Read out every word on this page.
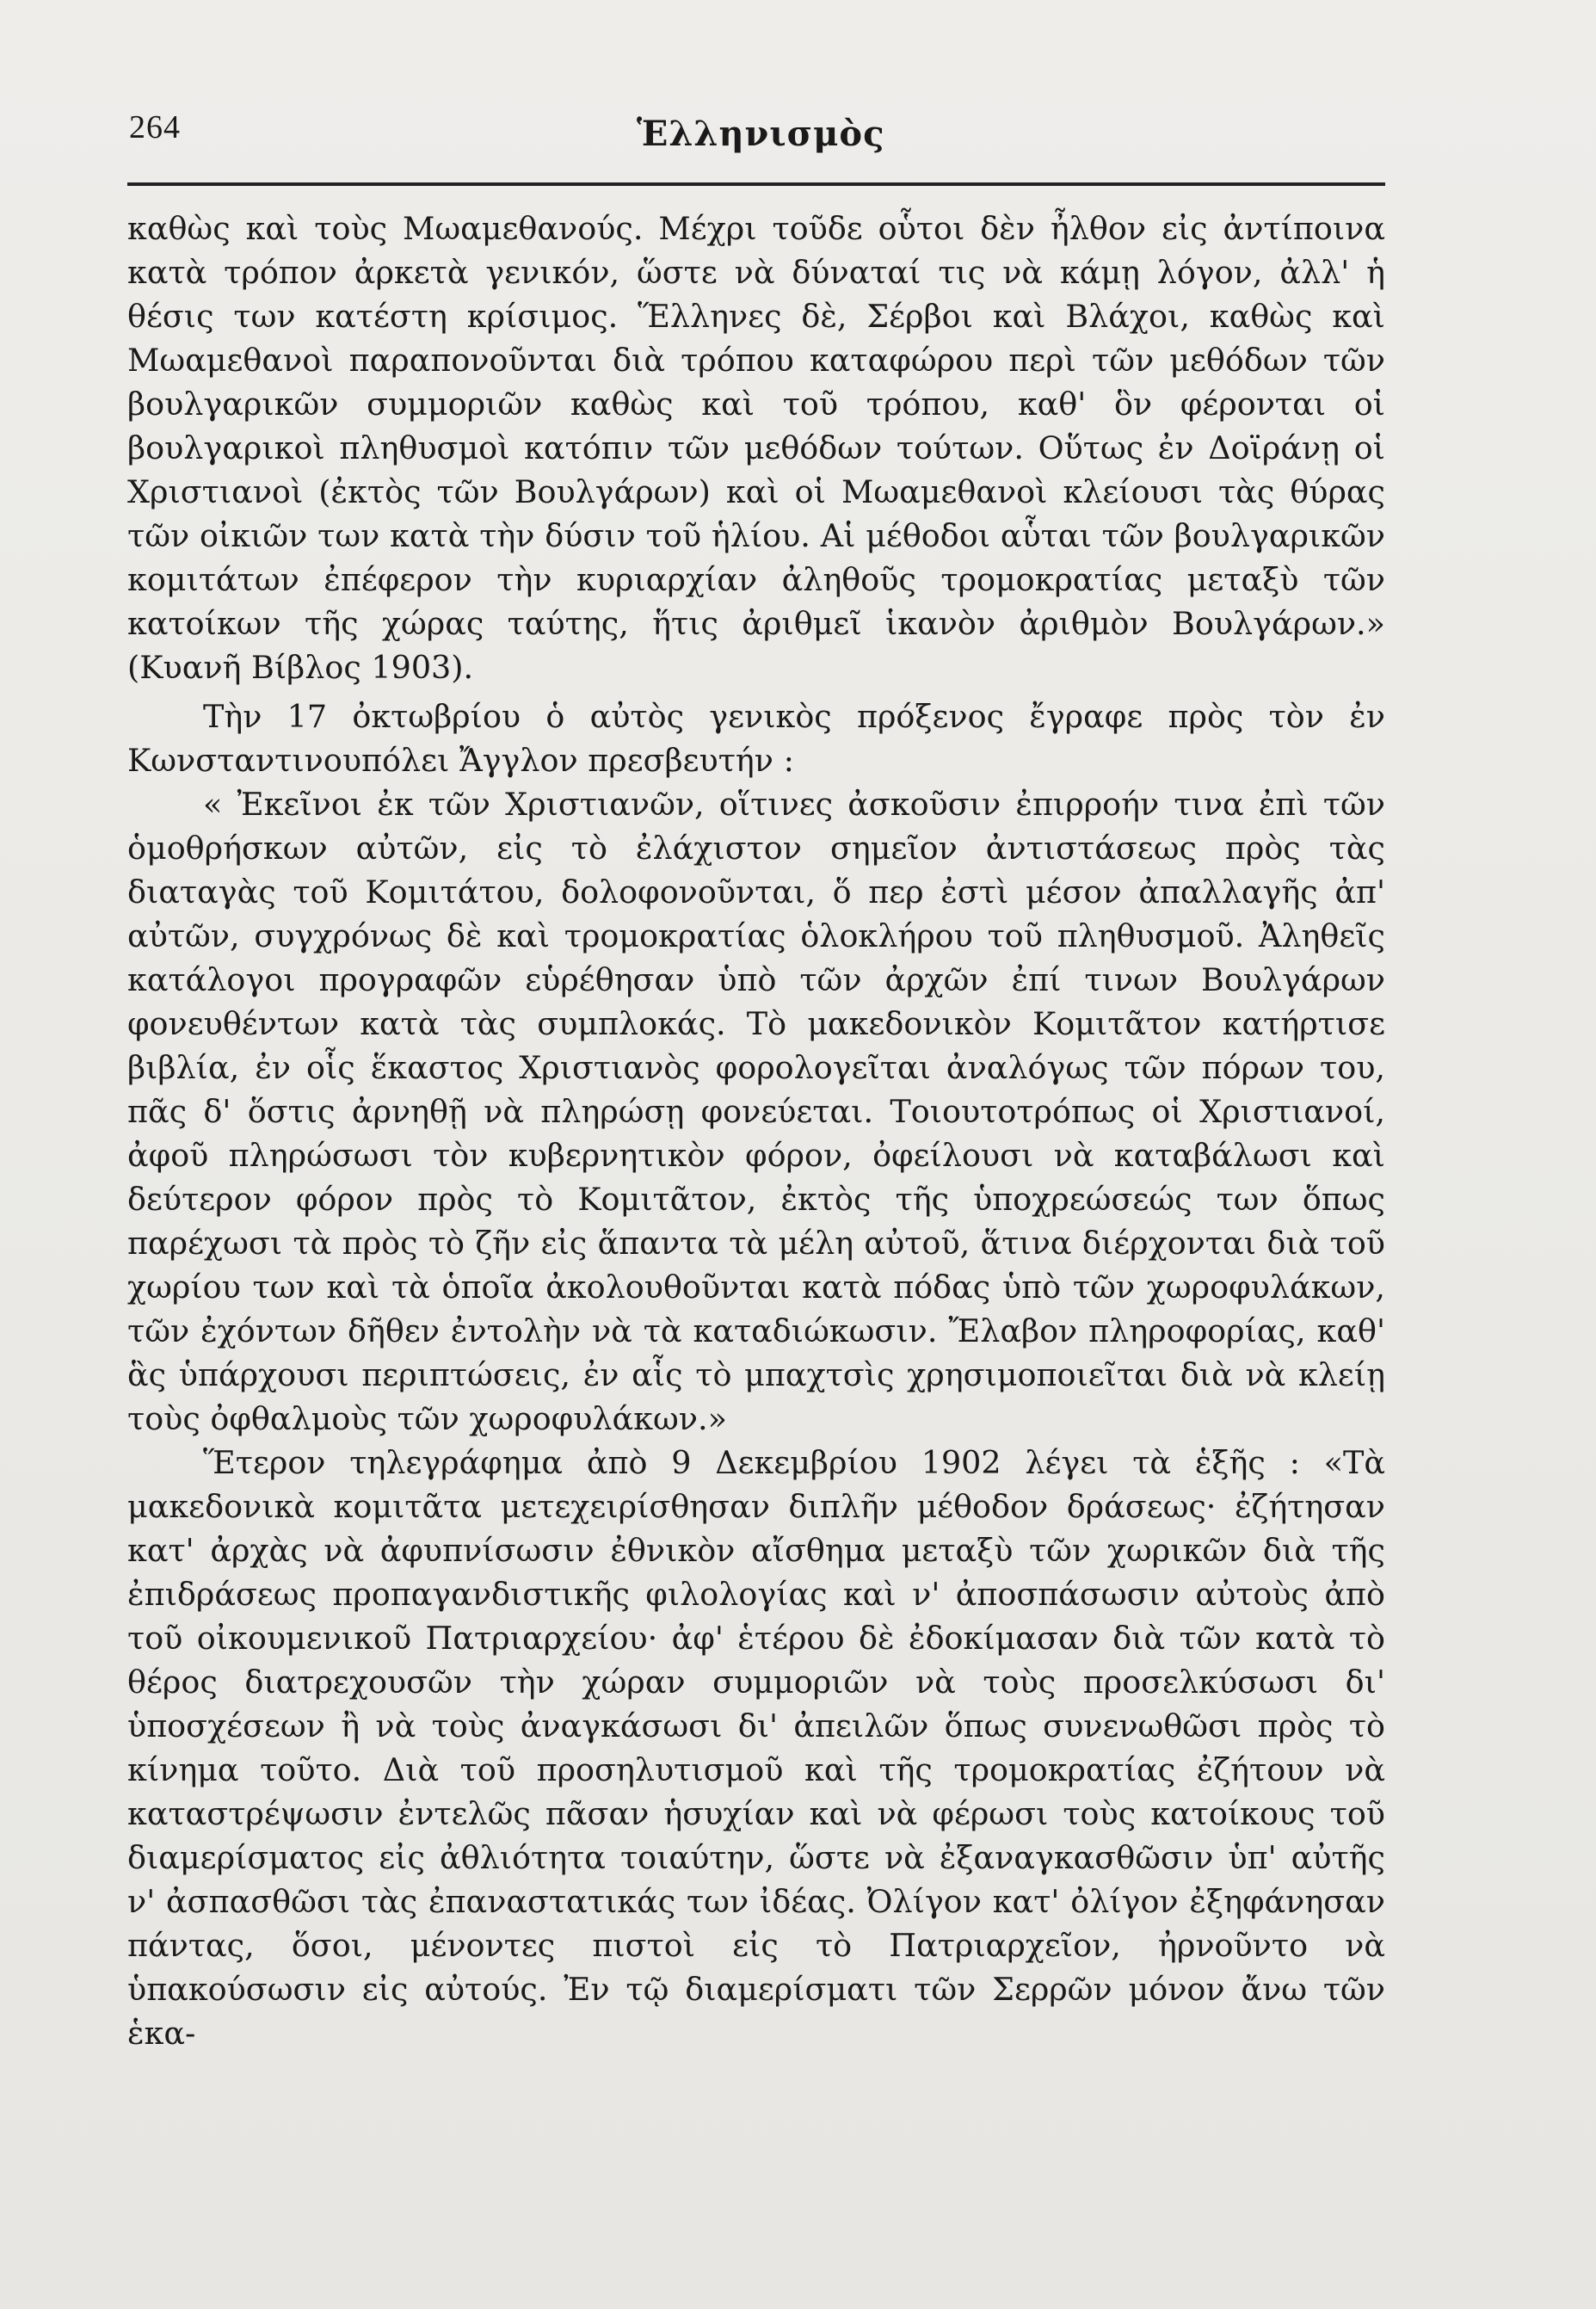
264	Ἑλληνισμὸς

καθὼς καὶ τοὺς Μωαμεθανούς. Μέχρι τοῦδε οὗτοι δὲν ἦλθον εἰς ἀντίποινα κατὰ τρόπον ἀρκετὰ γενικόν, ὥστε νὰ δύναταί τις νὰ κάμῃ λόγον, ἀλλ' ἡ θέσις των κατέστη κρίσιμος. Ἕλληνες δὲ, Σέρβοι καὶ Βλάχοι, καθὼς καὶ Μωαμεθανοὶ παραπονοῦνται διὰ τρόπου καταφώρου περὶ τῶν μεθόδων τῶν βουλγαρικῶν συμμοριῶν καθὼς καὶ τοῦ τρόπου, καθ' ὃν φέρονται οἱ βουλγαρικοὶ πληθυσμοὶ κατόπιν τῶν μεθόδων τούτων. Οὕτως ἐν Δοϊράνῃ οἱ Χριστιανοὶ (ἐκτὸς τῶν Βουλγάρων) καὶ οἱ Μωαμεθανοὶ κλείουσι τὰς θύρας τῶν οἰκιῶν των κατὰ τὴν δύσιν τοῦ ἡλίου. Αἱ μέθοδοι αὗται τῶν βουλγαρικῶν κομιτάτων ἐπέφερον τὴν κυριαρχίαν ἀληθοῦς τρομοκρατίας μεταξὺ τῶν κατοίκων τῆς χώρας ταύτης, ἥτις ἀριθμεῖ ἱκανὸν ἀριθμὸν Βουλγάρων.» (Κυανῆ Βίβλος 1903).

Τὴν 17 ὀκτωβρίου ὁ αὐτὸς γενικὸς πρόξενος ἔγραφε πρὸς τὸν ἐν Κωνσταντινουπόλει Ἄγγλον πρεσβευτήν :

« Ἐκεῖνοι ἐκ τῶν Χριστιανῶν, οἵτινες ἀσκοῦσιν ἐπιρροήν τινα ἐπὶ τῶν ὁμοθρήσκων αὐτῶν, εἰς τὸ ἐλάχιστον σημεῖον ἀντιστάσεως πρὸς τὰς διαταγὰς τοῦ Κομιτάτου, δολοφονοῦνται, ὅ περ ἐστὶ μέσον ἀπαλλαγῆς ἀπ' αὐτῶν, συγχρόνως δὲ καὶ τρομοκρατίας ὁλοκλήρου τοῦ πληθυσμοῦ. Ἀληθεῖς κατάλογοι προγραφῶν εὑρέθησαν ὑπὸ τῶν ἀρχῶν ἐπί τινων Βουλγάρων φονευθέντων κατὰ τὰς συμπλοκάς. Τὸ μακεδονικὸν Κομιτᾶτον κατήρτισε βιβλία, ἐν οἷς ἕκαστος Χριστιανὸς φορολογεῖται ἀναλόγως τῶν πόρων του, πᾶς δ' ὅστις ἀρνηθῇ νὰ πληρώσῃ φονεύεται. Τοιουτοτρόπως οἱ Χριστιανοί, ἀφοῦ πληρώσωσι τὸν κυβερνητικὸν φόρον, ὀφείλουσι νὰ καταβάλωσι καὶ δεύτερον φόρον πρὸς τὸ Κομιτᾶτον, ἐκτὸς τῆς ὑποχρεώσεώς των ὅπως παρέχωσι τὰ πρὸς τὸ ζῆν εἰς ἅπαντα τὰ μέλη αὐτοῦ, ἅτινα διέρχονται διὰ τοῦ χωρίου των καὶ τὰ ὁποῖα ἀκολουθοῦνται κατὰ πόδας ὑπὸ τῶν χωροφυλάκων, τῶν ἐχόντων δῆθεν ἐντολὴν νὰ τὰ καταδιώκωσιν. Ἔλαβον πληροφορίας, καθ' ἃς ὑπάρχουσι περιπτώσεις, ἐν αἷς τὸ μπαχτσὶς χρησιμοποιεῖται διὰ νὰ κλείῃ τοὺς ὀφθαλμοὺς τῶν χωροφυλάκων.»

Ἕτερον τηλεγράφημα ἀπὸ 9 Δεκεμβρίου 1902 λέγει τὰ ἑξῆς : «Τὰ μακεδονικὰ κομιτᾶτα μετεχειρίσθησαν διπλῆν μέθοδον δράσεως· ἐζήτησαν κατ' ἀρχὰς νὰ ἀφυπνίσωσιν ἐθνικὸν αἴσθημα μεταξὺ τῶν χωρικῶν διὰ τῆς ἐπιδράσεως προπαγανδιστικῆς φιλολογίας καὶ ν' ἀποσπάσωσιν αὐτοὺς ἀπὸ τοῦ οἰκουμενικοῦ Πατριαρχείου· ἀφ' ἑτέρου δὲ ἐδοκίμασαν διὰ τῶν κατὰ τὸ θέρος διατρεχουσῶν τὴν χώραν συμμοριῶν νὰ τοὺς προσελκύσωσι δι' ὑποσχέσεων ἢ νὰ τοὺς ἀναγκάσωσι δι' ἀπειλῶν ὅπως συνενωθῶσι πρὸς τὸ κίνημα τοῦτο. Διὰ τοῦ προσηλυτισμοῦ καὶ τῆς τρομοκρατίας ἐζήτουν νὰ καταστρέψωσιν ἐντελῶς πᾶσαν ἡσυχίαν καὶ νὰ φέρωσι τοὺς κατοίκους τοῦ διαμερίσματος εἰς ἀθλιότητα τοιαύτην, ὥστε νὰ ἐξαναγκασθῶσιν ὑπ' αὐτῆς ν' ἀσπασθῶσι τὰς ἐπαναστατικάς των ἰδέας. Ὀλίγον κατ' ὀλίγον ἐξηφάνησαν πάντας, ὅσοι, μένοντες πιστοὶ εἰς τὸ Πατριαρχεῖον, ἠρνοῦντο νὰ ὑπακούσωσιν εἰς αὐτούς. Ἐν τῷ διαμερίσματι τῶν Σερρῶν μόνον ἄνω τῶν ἑκα-
